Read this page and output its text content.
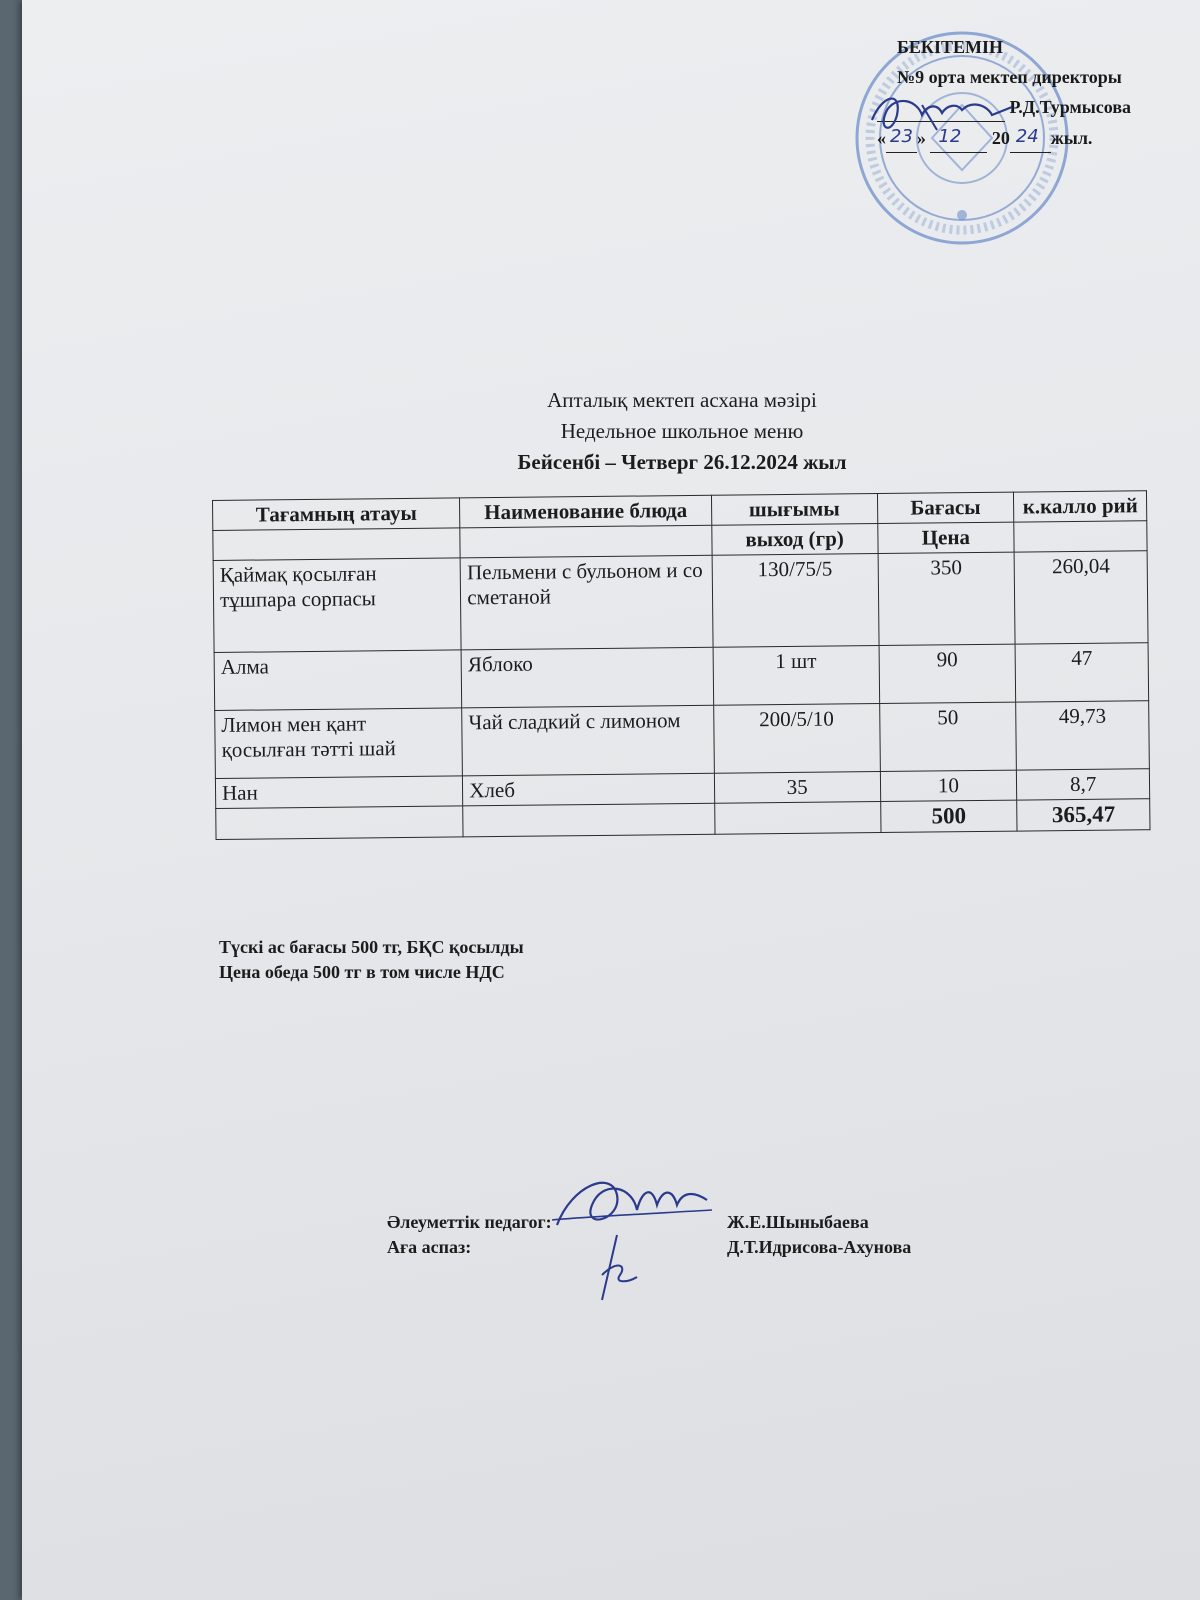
БЕКІТЕМІН
№9 орта мектеп директоры
Р.Д.Турмысова
« 23 » 12 20 24 жыл.
Апталық мектеп асхана мәзірі
Недельное школьное меню
Бейсенбі – Четверг 26.12.2024 жыл
Тағамның атауы	Наименование блюда	шығымы	Бағасы	к.калло рий
		выход (гр)	Цена	
Қаймақ қосылған тұшпара сорпасы	Пельмени с бульоном и со сметаной	130/75/5	350	260,04
Алма	Яблоко	1 шт	90	47
Лимон мен қант қосылған тәтті шай	Чай сладкий с лимоном	200/5/10	50	49,73
Нан	Хлеб	35	10	8,7
			500	365,47
Түскі ас бағасы 500 тг, БҚС қосылды
Цена обеда 500 тг в том числе НДС
Әлеуметтік педагог:
Аға аспаз:
Ж.Е.Шыныбаева
Д.Т.Идрисова-Ахунова
